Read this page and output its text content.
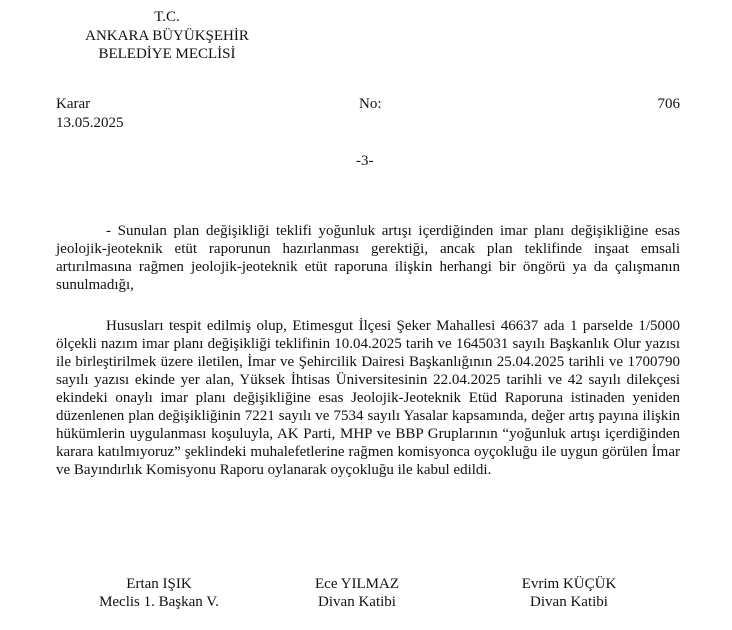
T.C.
ANKARA BÜYÜKŞEHİR
BELEDİYE MECLİSİ
Karar
13.05.2025
No:	706
-3-

- Sunulan plan değişikliği teklifi yoğunluk artışı içerdiğinden imar planı değişikliğine esas jeolojik-jeoteknik etüt raporunun hazırlanması gerektiği, ancak plan teklifinde inşaat emsali artırılmasına rağmen jeolojik-jeoteknik etüt raporuna ilişkin herhangi bir öngörü ya da çalışmanın sunulmadığı,

Hususları tespit edilmiş olup, Etimesgut İlçesi Şeker Mahallesi 46637 ada 1 parselde 1/5000 ölçekli nazım imar planı değişikliği teklifinin 10.04.2025 tarih ve 1645031 sayılı Başkanlık Olur yazısı ile birleştirilmek üzere iletilen, İmar ve Şehircilik Dairesi Başkanlığının 25.04.2025 tarihli ve 1700790 sayılı yazısı ekinde yer alan, Yüksek İhtisas Üniversitesinin 22.04.2025 tarihli ve 42 sayılı dilekçesi ekindeki onaylı imar planı değişikliğine esas Jeolojik-Jeoteknik Etüd Raporuna istinaden yeniden düzenlenen plan değişikliğinin 7221 sayılı ve 7534 sayılı Yasalar kapsamında, değer artış payına ilişkin hükümlerin uygulanması koşuluyla, AK Parti, MHP ve BBP Gruplarının “yoğunluk artışı içerdiğinden karara katılmıyoruz” şeklindeki muhalefetlerine rağmen komisyonca oyçokluğu ile uygun görülen İmar ve Bayındırlık Komisyonu Raporu oylanarak oyçokluğu ile kabul edildi.

Ertan IŞIK
Meclis 1. Başkan V.
Ece YILMAZ
Divan Katibi
Evrim KÜÇÜK
Divan Katibi
